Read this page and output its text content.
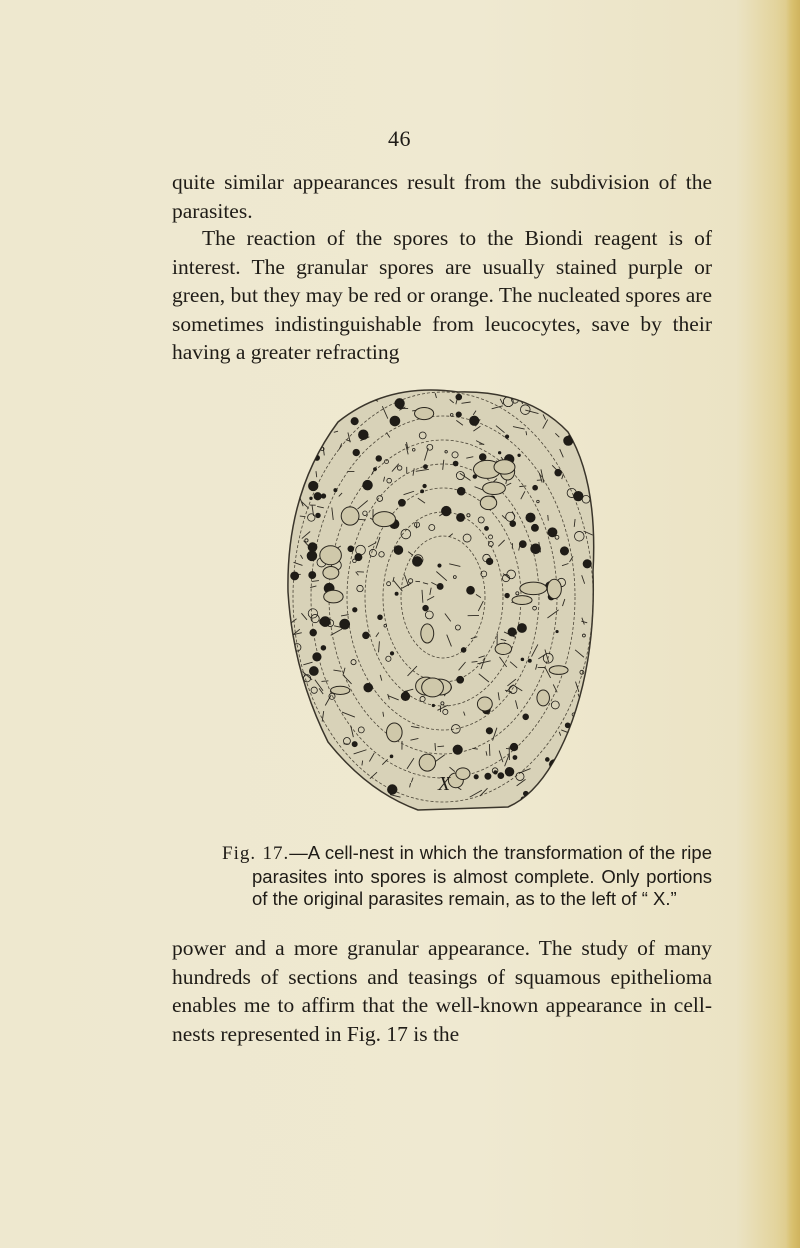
46

quite similar appearances result from the subdivision of the parasites.

The reaction of the spores to the Biondi reagent is of interest. The granular spores are usually stained purple or green, but they may be red or orange. The nucleated spores are sometimes indistinguishable from leucocytes, save by their having a greater refracting

X
Fig. 17.—A cell-nest in which the transformation of the ripe parasites into spores is almost complete. Only portions of the original parasites remain, as to the left of “ X.”

power and a more granular appearance. The study of many hundreds of sections and teasings of squamous epithelioma enables me to affirm that the well-known appearance in cell-nests represented in Fig. 17 is the
